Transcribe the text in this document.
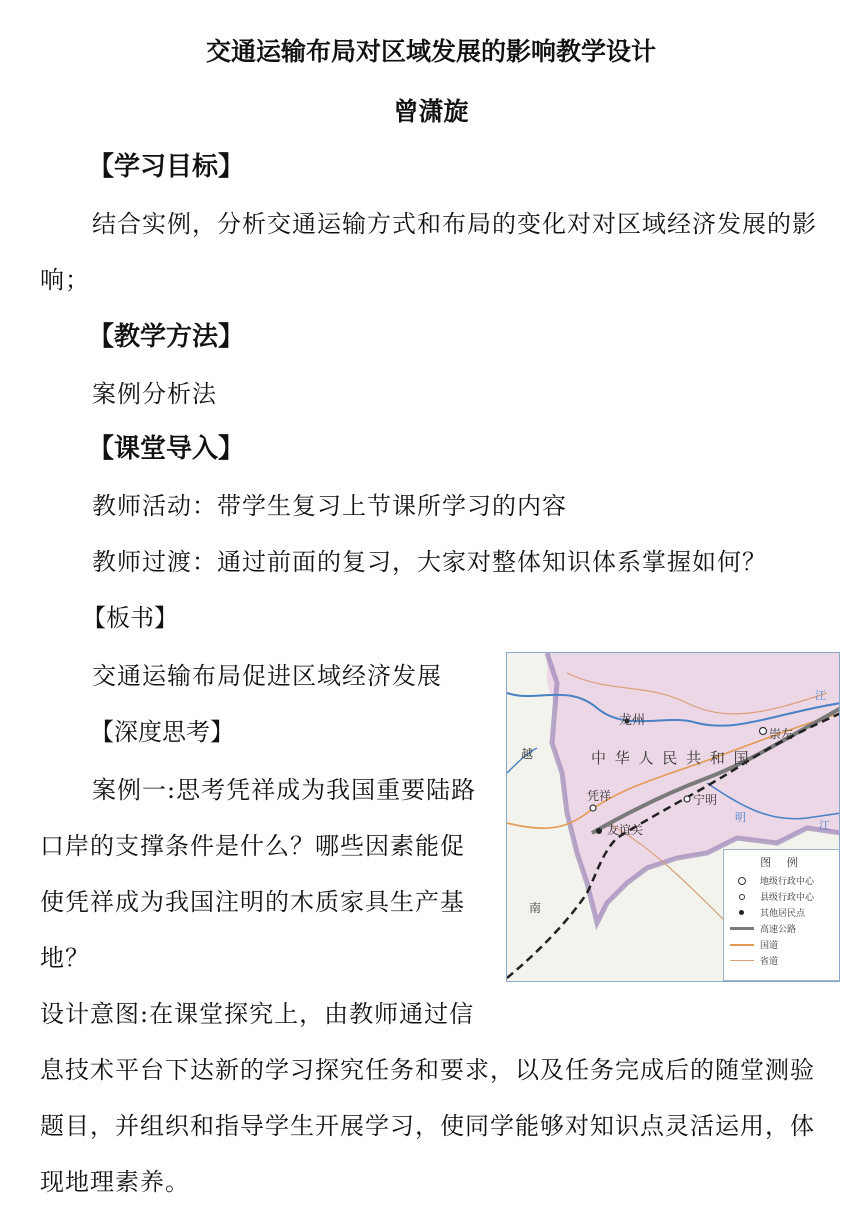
交通运输布局对区域发展的影响教学设计
曾潇旋
【学习目标】
结合实例，分析交通运输方式和布局的变化对对区域经济发展的影
响；
【教学方法】
案例分析法
【课堂导入】
教师活动：带学生复习上节课所学习的内容
教师过渡：通过前面的复习，大家对整体知识体系掌握如何？
【板书】
交通运输布局促进区域经济发展
【深度思考】
案例一:思考凭祥成为我国重要陆路
口岸的支撑条件是什么？哪些因素能促
使凭祥成为我国注明的木质家具生产基
地？
设计意图:在课堂探究上，由教师通过信
息技术平台下达新的学习探究任务和要求，以及任务完成后的随堂测验
题目，并组织和指导学生开展学习，使同学能够对知识点灵活运用，体
现地理素养。
龙州
崇左
中 华 人 民 共 和 国
凭祥	宁明
友谊关
越
南
江
明
江
图 例
地级行政中心
县级行政中心
其他居民点
高速公路
国道
省道
